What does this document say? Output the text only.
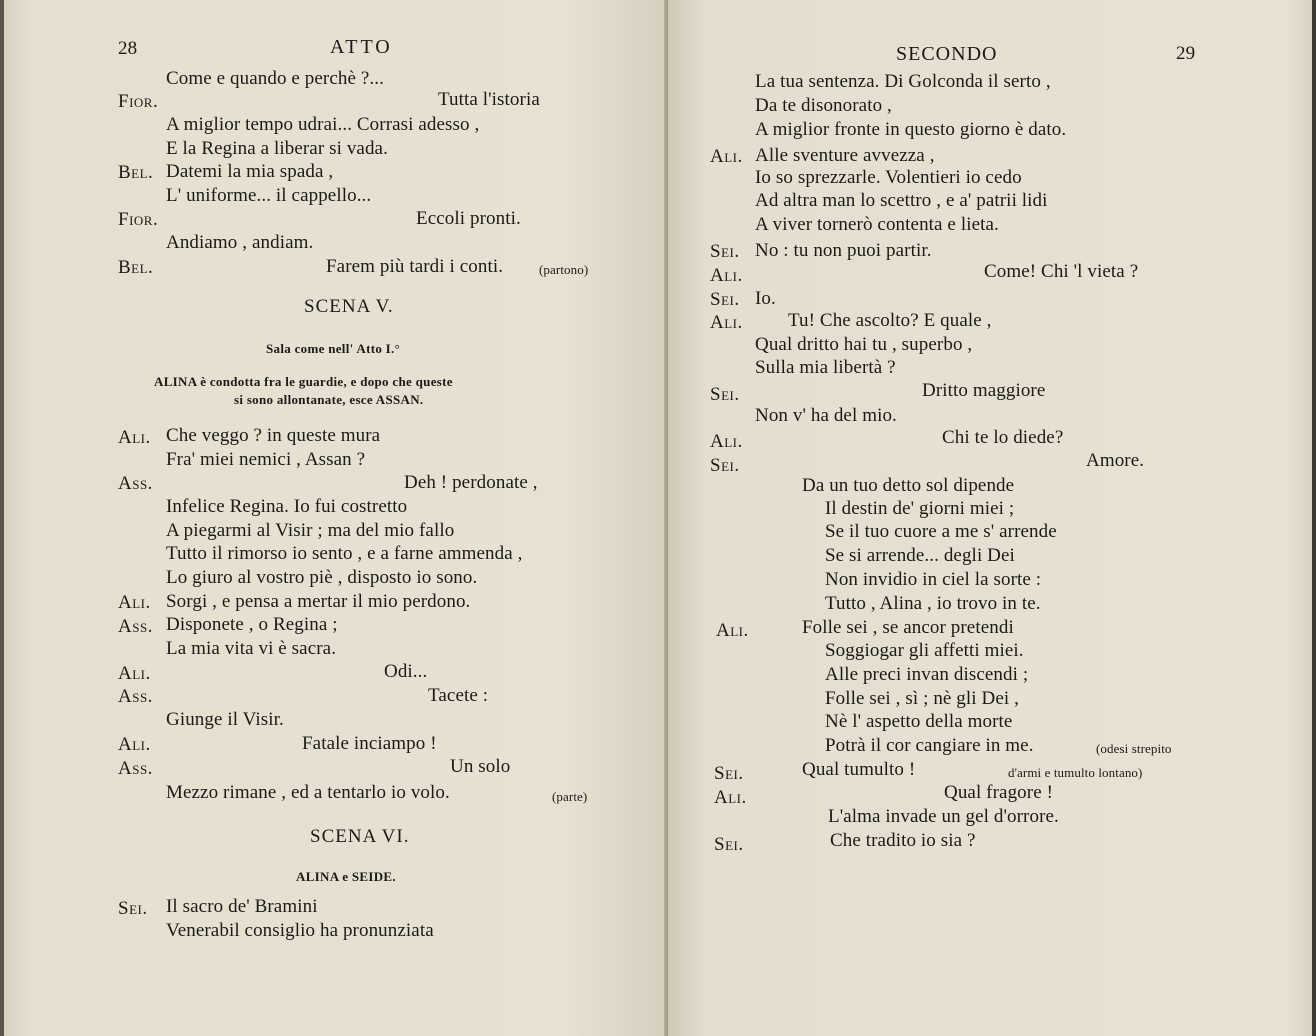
28	ATTO
Come e quando e perchè ?...
Fior.	Tutta l'istoria
A miglior tempo udrai... Corrasi adesso ,
E la Regina a liberar si vada.
Bel. Datemi la mia spada ,
L' uniforme... il cappello...
Fior.	Eccoli pronti.
Andiamo , andiam.
Bel.	Farem più tardi i conti.	(partono)
SCENA V.
Sala come nell' Atto I.°
ALINA è condotta fra le guardie, e dopo che queste
si sono allontanate, esce ASSAN.
Ali. Che veggo ? in queste mura
Fra' miei nemici , Assan ?
Ass.	Deh ! perdonate ,
Infelice Regina. Io fui costretto
A piegarmi al Visir ; ma del mio fallo
Tutto il rimorso io sento , e a farne ammenda ,
Lo giuro al vostro piè , disposto io sono.
Ali. Sorgi , e pensa a mertar il mio perdono.
Ass. Disponete , o Regina ;
La mia vita vi è sacra.
Ali.	Odi...
Ass.	Tacete :
Giunge il Visir.
Ali.	Fatale inciampo !
Ass.	Un solo
Mezzo rimane , ed a tentarlo io volo.	(parte)
SCENA VI.
ALINA e SEIDE.
Sei. Il sacro de' Bramini
Venerabil consiglio ha pronunziata
SECONDO	29
La tua sentenza. Di Golconda il serto ,
Da te disonorato ,
A miglior fronte in questo giorno è dato.
Ali. Alle sventure avvezza ,
Io so sprezzarle. Volentieri io cedo
Ad altra man lo scettro , e a' patrii lidi
A viver tornerò contenta e lieta.
Sei. No : tu non puoi partir.
Ali.	Come! Chi 'l vieta ?
Sei. Io.
Ali. Tu! Che ascolto? E quale ,
Qual dritto hai tu , superbo ,
Sulla mia libertà ?
Sei.	Dritto maggiore
Non v' ha del mio.
Ali.	Chi te lo diede?
Sei.	Amore.
Da un tuo detto sol dipende
Il destin de' giorni miei ;
Se il tuo cuore a me s' arrende
Se si arrende... degli Dei
Non invidio in ciel la sorte :
Tutto , Alina , io trovo in te.
Ali.	Folle sei , se ancor pretendi
Soggiogar gli affetti miei.
Alle preci invan discendi ;
Folle sei , sì ; nè gli Dei ,
Nè l' aspetto della morte
Potrà il cor cangiare in me.	(odesi strepito
Sei.	Qual tumulto !	d'armi e tumulto lontano)
Ali.	Qual fragore !
L'alma invade un gel d'orrore.
Sei.	Che tradito io sia ?
